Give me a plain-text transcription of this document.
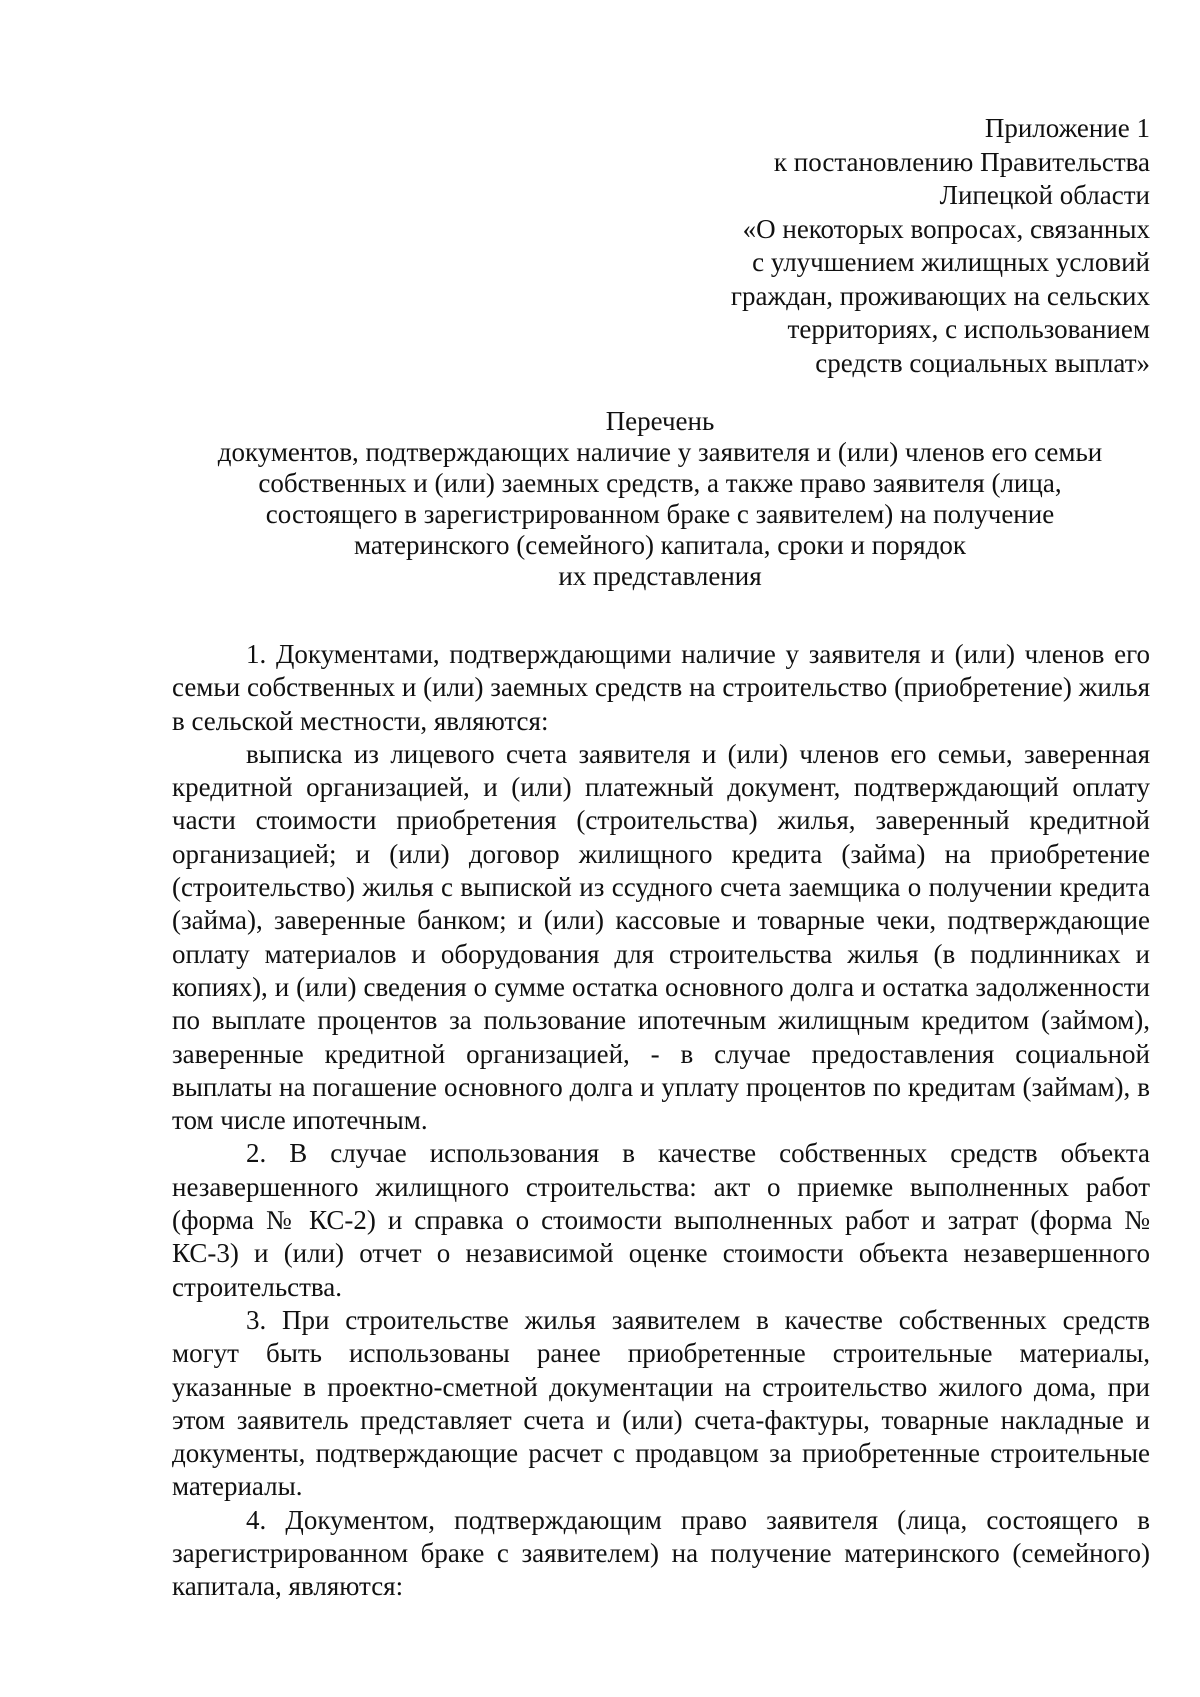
Приложение 1
к постановлению Правительства
Липецкой области
«О некоторых вопросах, связанных
с улучшением жилищных условий
граждан, проживающих на сельских
территориях, с использованием
средств социальных выплат»
Перечень
документов, подтверждающих наличие у заявителя и (или) членов его семьи
собственных и (или) заемных средств, а также право заявителя (лица,
состоящего в зарегистрированном браке с заявителем) на получение
материнского (семейного) капитала, сроки и порядок
их представления

1. Документами, подтверждающими наличие у заявителя и (или) членов его семьи собственных и (или) заемных средств на строительство (приобретение) жилья в сельской местности, являются:

выписка из лицевого счета заявителя и (или) членов его семьи, заверенная кредитной организацией, и (или) платежный документ, подтверждающий оплату части стоимости приобретения (строительства) жилья, заверенный кредитной организацией; и (или) договор жилищного кредита (займа) на приобретение (строительство) жилья с выпиской из ссудного счета заемщика о получении кредита (займа), заверенные банком; и (или) кассовые и товарные чеки, подтверждающие оплату материалов и оборудования для строительства жилья (в подлинниках и копиях), и (или) сведения о сумме остатка основного долга и остатка задолженности по выплате процентов за пользование ипотечным жилищным кредитом (займом), заверенные кредитной организацией, - в случае предоставления социальной выплаты на погашение основного долга и уплату процентов по кредитам (займам), в том числе ипотечным.

2. В случае использования в качестве собственных средств объекта незавершенного жилищного строительства: акт о приемке выполненных работ (форма № КС-2) и справка о стоимости выполненных работ и затрат (форма № КС-3) и (или) отчет о независимой оценке стоимости объекта незавершенного строительства.

3. При строительстве жилья заявителем в качестве собственных средств могут быть использованы ранее приобретенные строительные материалы, указанные в проектно-сметной документации на строительство жилого дома, при этом заявитель представляет счета и (или) счета-фактуры, товарные накладные и документы, подтверждающие расчет с продавцом за приобретенные строительные материалы.

4. Документом, подтверждающим право заявителя (лица, состоящего в зарегистрированном браке с заявителем) на получение материнского (семейного) капитала, являются:
